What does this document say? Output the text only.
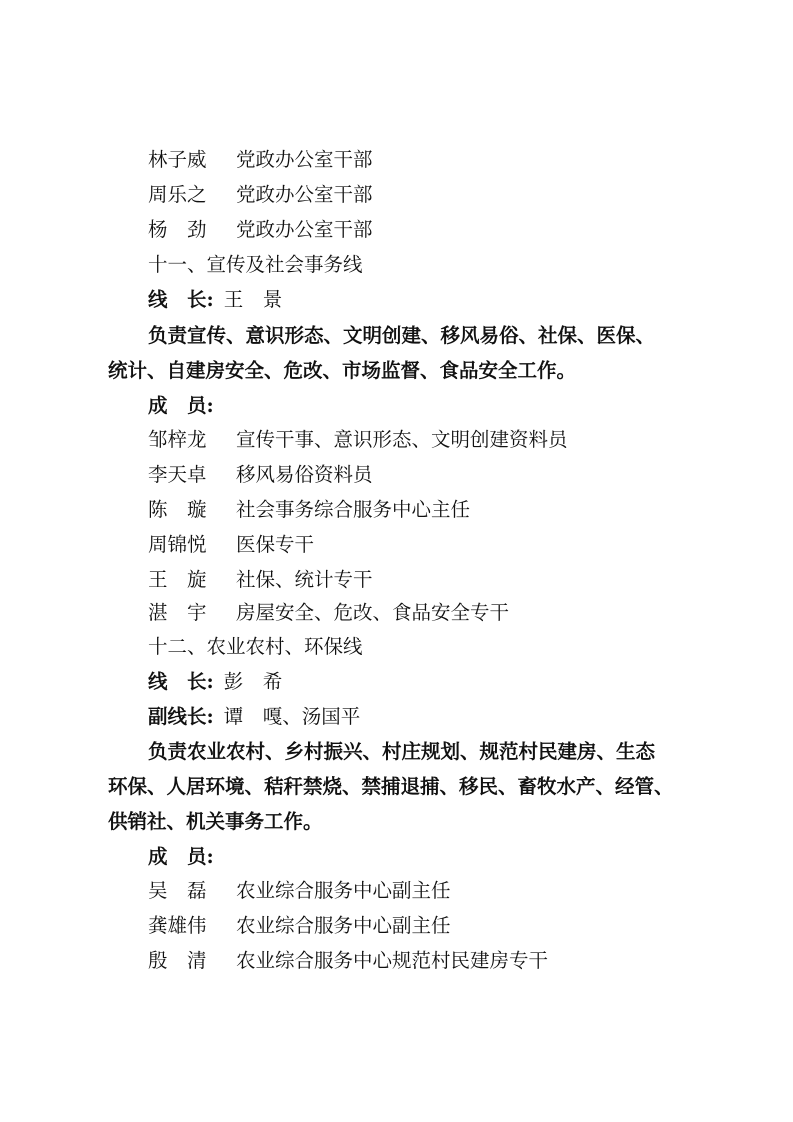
林子威 党政办公室干部
周乐之 党政办公室干部
杨　劲 党政办公室干部
十一、宣传及社会事务线
线　长: 王　景
负责宣传、意识形态、文明创建、移风易俗、社保、医保、
统计、自建房安全、危改、市场监督、食品安全工作。
成　员:
邹梓龙 宣传干事、意识形态、文明创建资料员
李天卓 移风易俗资料员
陈　璇 社会事务综合服务中心主任
周锦悦 医保专干
王　旋 社保、统计专干
湛　宇 房屋安全、危改、食品安全专干
十二、农业农村、环保线
线　长: 彭　希
副线长: 谭　嘎、汤国平
负责农业农村、乡村振兴、村庄规划、规范村民建房、生态
环保、人居环境、秸秆禁烧、禁捕退捕、移民、畜牧水产、经管、
供销社、机关事务工作。
成　员:
吴　磊 农业综合服务中心副主任
龚雄伟 农业综合服务中心副主任
殷　清 农业综合服务中心规范村民建房专干
